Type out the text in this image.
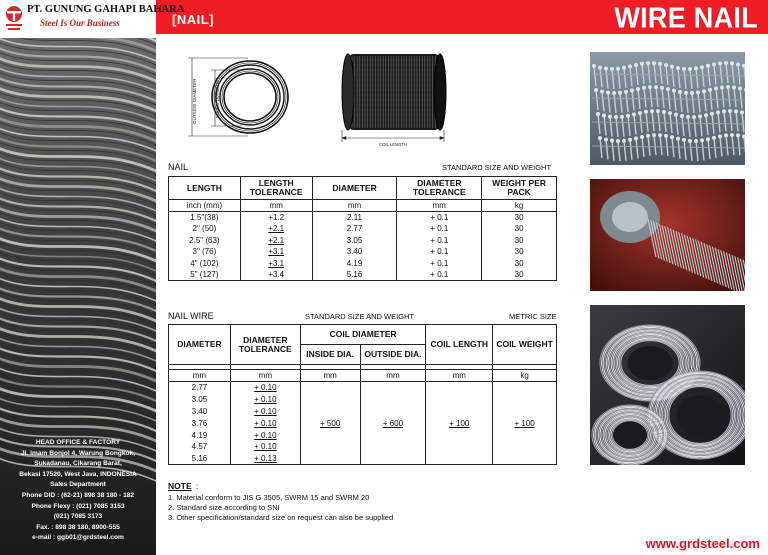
[NAIL]	WIRE NAIL
PT. GUNUNG GAHAPI BAHARA
Steel Is Our Business
HEAD OFFICE & FACTORY
Jl. Imam Bonjol 4, Warung Bongkok,
Sukadanau, Cikarang Barat,
Bekasi 17520, West Java, INDONESIA
Sales Department
Phone DID : (62-21) 898 38 180 - 182
Phone Flexy : (021) 7085 3153
(021) 7085 3173
Fax. : 898 38 180, 8900-555
e-mail : ggb01@grdsteel.com
OUTSIDE DIAMETER	INSIDE DIAMETER
COIL LENGTH
NAIL	STANDARD SIZE AND WEIGHT
LENGTH	LENGTH TOLERANCE	DIAMETER	DIAMETER TOLERANCE	WEIGHT PER PACK
inch (mm)	mm	mm	mm	kg
1.5"(38)	+1.2	2.11	+ 0.1	30
2" (50)	+2.1	2.77	+ 0.1	30
2.5" (63)	+2.1	3.05	+ 0.1	30
3" (76)	+3.1	3.40	+ 0.1	30
4" (102)	+3.1	4.19	+ 0.1	30
5" (127)	+3.4	5.16	+ 0.1	30
NAIL WIRE	STANDARD SIZE AND WEIGHT	METRIC SIZE
DIAMETER	DIAMETER TOLERANCE	COIL DIAMETER		COIL LENGTH	COIL WEIGHT
		INSIDE DIA.	OUTSIDE DIA.		

mm	mm	mm	mm	mm	kg
2.77	+ 0.10	+ 500	+ 600	+ 100	+ 100
3.05	+ 0.10				
3.40	+ 0.10				
3.76	+ 0.10				
4.19	+ 0.10				
4.57	+ 0.10				
5.16	+ 0.13				
NOTE :
1. Material conform to JIS G 3505, SWRM 15 and SWRM 20
2. Standard size according to SNI
3. Other specification/standard size on request can also be supplied
www.grdsteel.com
